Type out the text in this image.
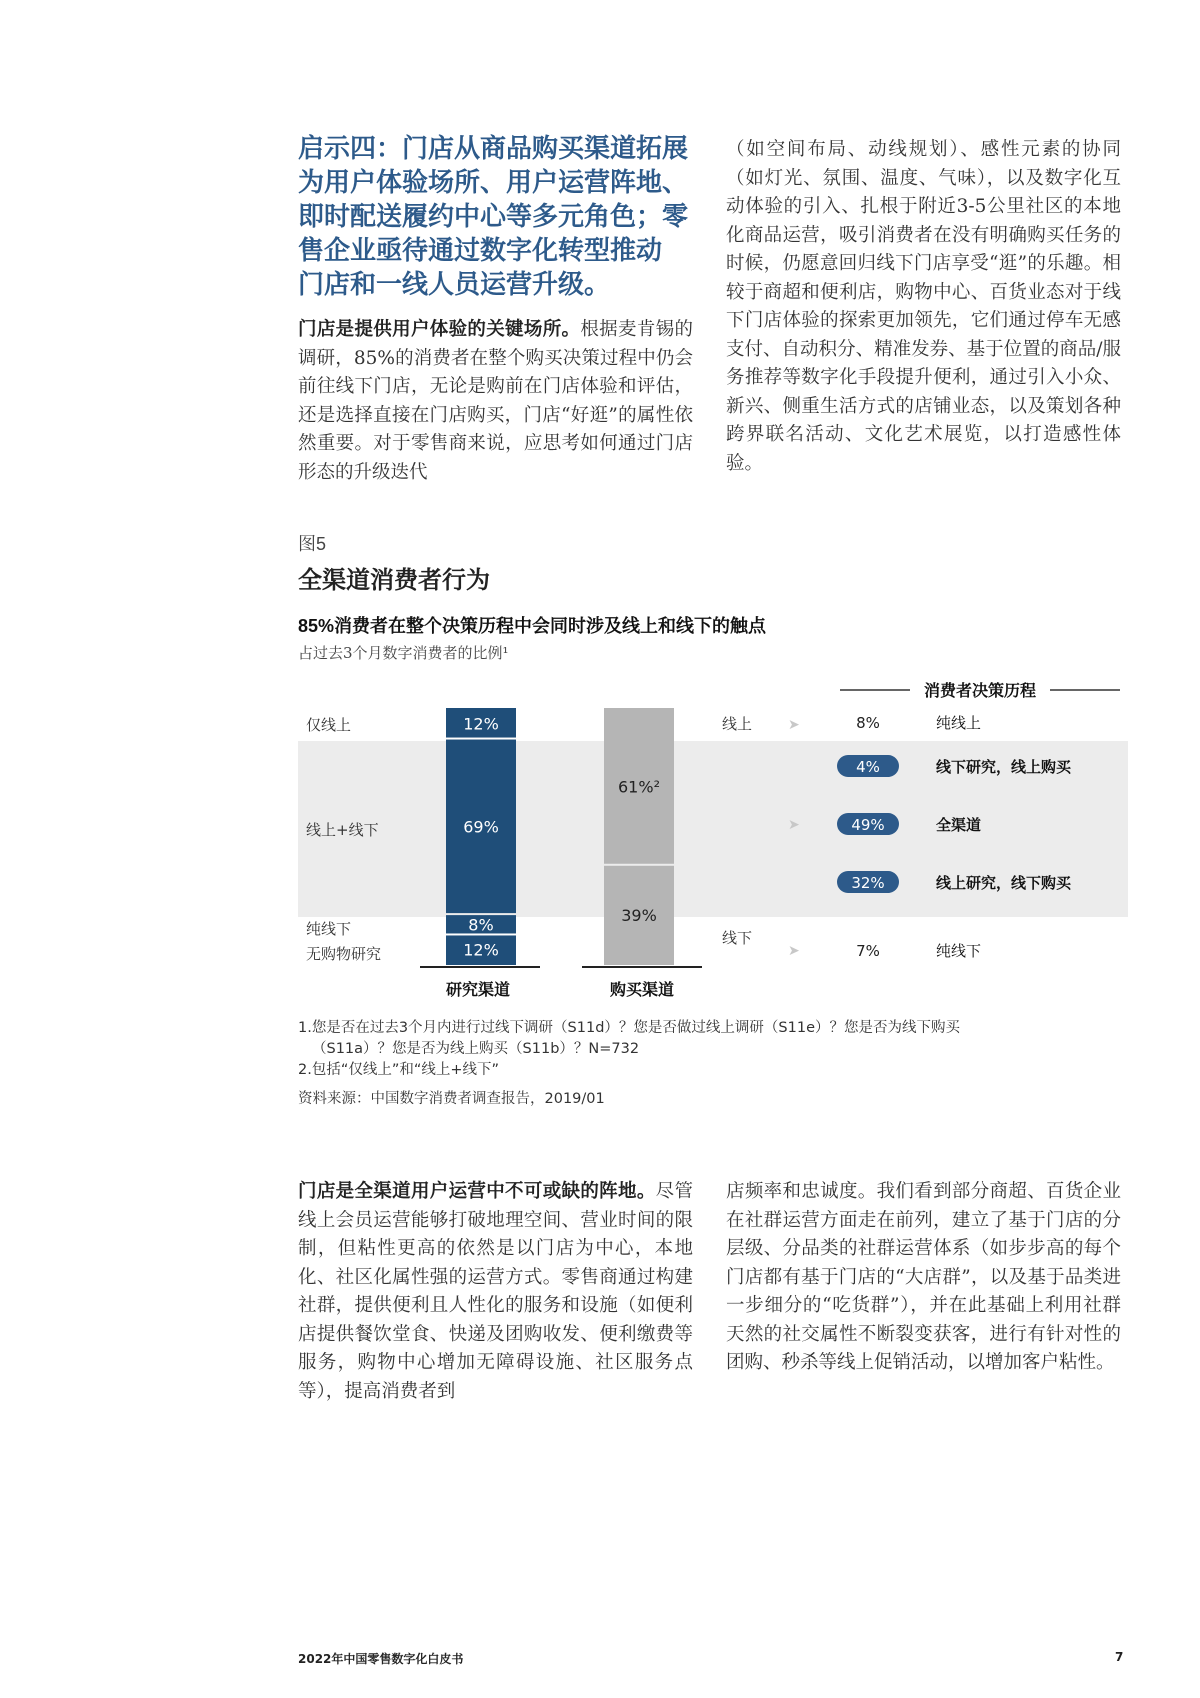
启示四：门店从商品购买渠道拓展
为用户体验场所、用户运营阵地、
即时配送履约中心等多元角色；零
售企业亟待通过数字化转型推动
门店和一线人员运营升级。

门店是提供用户体验的关键场所。根据麦肯锡的调研，85%的消费者在整个购买决策过程中仍会前往线下门店，无论是购前在门店体验和评估，还是选择直接在门店购买，门店“好逛”的属性依然重要。对于零售商来说，应思考如何通过门店形态的升级迭代

（如空间布局、动线规划）、感性元素的协同（如灯光、氛围、温度、气味），以及数字化互动体验的引入、扎根于附近3-5公里社区的本地化商品运营，吸引消费者在没有明确购买任务的时候，仍愿意回归线下门店享受“逛”的乐趣。相较于商超和便利店，购物中心、百货业态对于线下门店体验的探索更加领先，它们通过停车无感支付、自动积分、精准发券、基于位置的商品/服务推荐等数字化手段提升便利，通过引入小众、新兴、侧重生活方式的店铺业态，以及策划各种跨界联名活动、文化艺术展览，以打造感性体验。

图5
全渠道消费者行为
85%消费者在整个决策历程中会同时涉及线上和线下的触点
占过去3个月数字消费者的比例¹
消费者决策历程
仅线上
线上+线下
纯线下
无购物研究
12%
69%
8%
12%
61%²
39%
研究渠道	购买渠道
线上
线下
➤
➤
➤
8%	纯线上
4%	线下研究，线上购买
49%	全渠道
32%	线上研究，线下购买
7%	纯线下
1.您是否在过去3个月内进行过线下调研（S11d）？您是否做过线上调研（S11e）？您是否为线下购买
（S11a）？您是否为线上购买（S11b）？N=732
2.包括“仅线上”和“线上+线下”
资料来源：中国数字消费者调查报告，2019/01

门店是全渠道用户运营中不可或缺的阵地。尽管线上会员运营能够打破地理空间、营业时间的限制，但粘性更高的依然是以门店为中心，本地化、社区化属性强的运营方式。零售商通过构建社群，提供便利且人性化的服务和设施（如便利店提供餐饮堂食、快递及团购收发、便利缴费等服务，购物中心增加无障碍设施、社区服务点等），提高消费者到

店频率和忠诚度。我们看到部分商超、百货企业在社群运营方面走在前列，建立了基于门店的分层级、分品类的社群运营体系（如步步高的每个门店都有基于门店的“大店群”，以及基于品类进一步细分的“吃货群”），并在此基础上利用社群天然的社交属性不断裂变获客，进行有针对性的团购、秒杀等线上促销活动，以增加客户粘性。

2022年中国零售数字化白皮书	7
